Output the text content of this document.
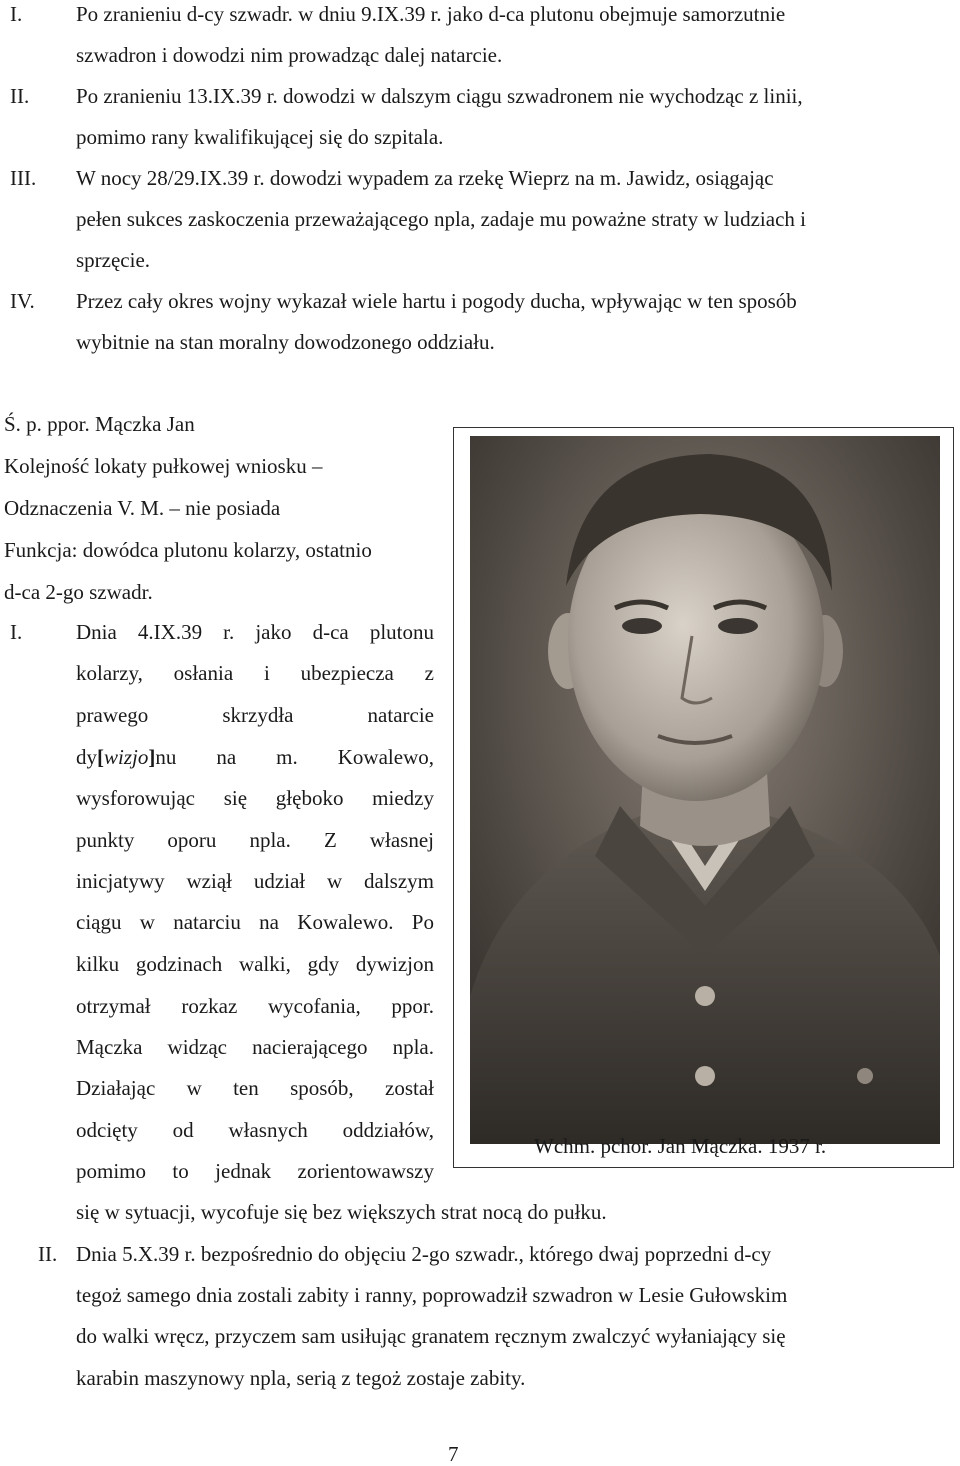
I.	Po zranieniu d-cy szwadr. w dniu 9.IX.39 r. jako d-ca plutonu obejmuje samorzutnie
szwadron i dowodzi nim prowadząc dalej natarcie.
II. Po zranieniu 13.IX.39 r. dowodzi w dalszym ciągu szwadronem nie wychodząc z linii,
pomimo rany kwalifikującej się do szpitala.
III. W nocy 28/29.IX.39 r. dowodzi wypadem za rzekę Wieprz na m. Jawidz, osiągając
pełen sukces zaskoczenia przeważającego npla, zadaje mu poważne straty w ludziach i
sprzęcie.
IV. Przez cały okres wojny wykazał wiele hartu i pogody ducha, wpływając w ten sposób
wybitnie na stan moralny dowodzonego oddziału.
Ś. p. ppor. Mączka Jan
Kolejność lokaty pułkowej wniosku –
Odznaczenia V. M. – nie posiada
Funkcja: dowódca plutonu kolarzy, ostatnio
d-ca 2-go szwadr.
I.	Dnia 4.IX.39 r. jako d-ca plutonu
kolarzy, osłania i ubezpiecza z
prawego skrzydła natarcie
dy[wizjo]nu na m. Kowalewo,
wysforowując się głęboko miedzy
punkty oporu npla. Z własnej
inicjatywy wziął udział w dalszym
ciągu w natarciu na Kowalewo. Po
kilku godzinach walki, gdy dywizjon
otrzymał rozkaz wycofania, ppor.
Mączka widząc nacierającego npla.
Działając w ten sposób, został
odcięty od własnych oddziałów,
pomimo to jednak zorientowawszy
się w sytuacji, wycofuje się bez większych strat nocą do pułku.
Wchm. pchor. Jan Mączka. 1937 r.
II. Dnia 5.X.39 r. bezpośrednio do objęciu 2-go szwadr., którego dwaj poprzedni d-cy
tegoż samego dnia zostali zabity i ranny, poprowadził szwadron w Lesie Gułowskim
do walki wręcz, przyczem sam usiłując granatem ręcznym zwalczyć wyłaniający się
karabin maszynowy npla, serią z tegoż zostaje zabity.
7
